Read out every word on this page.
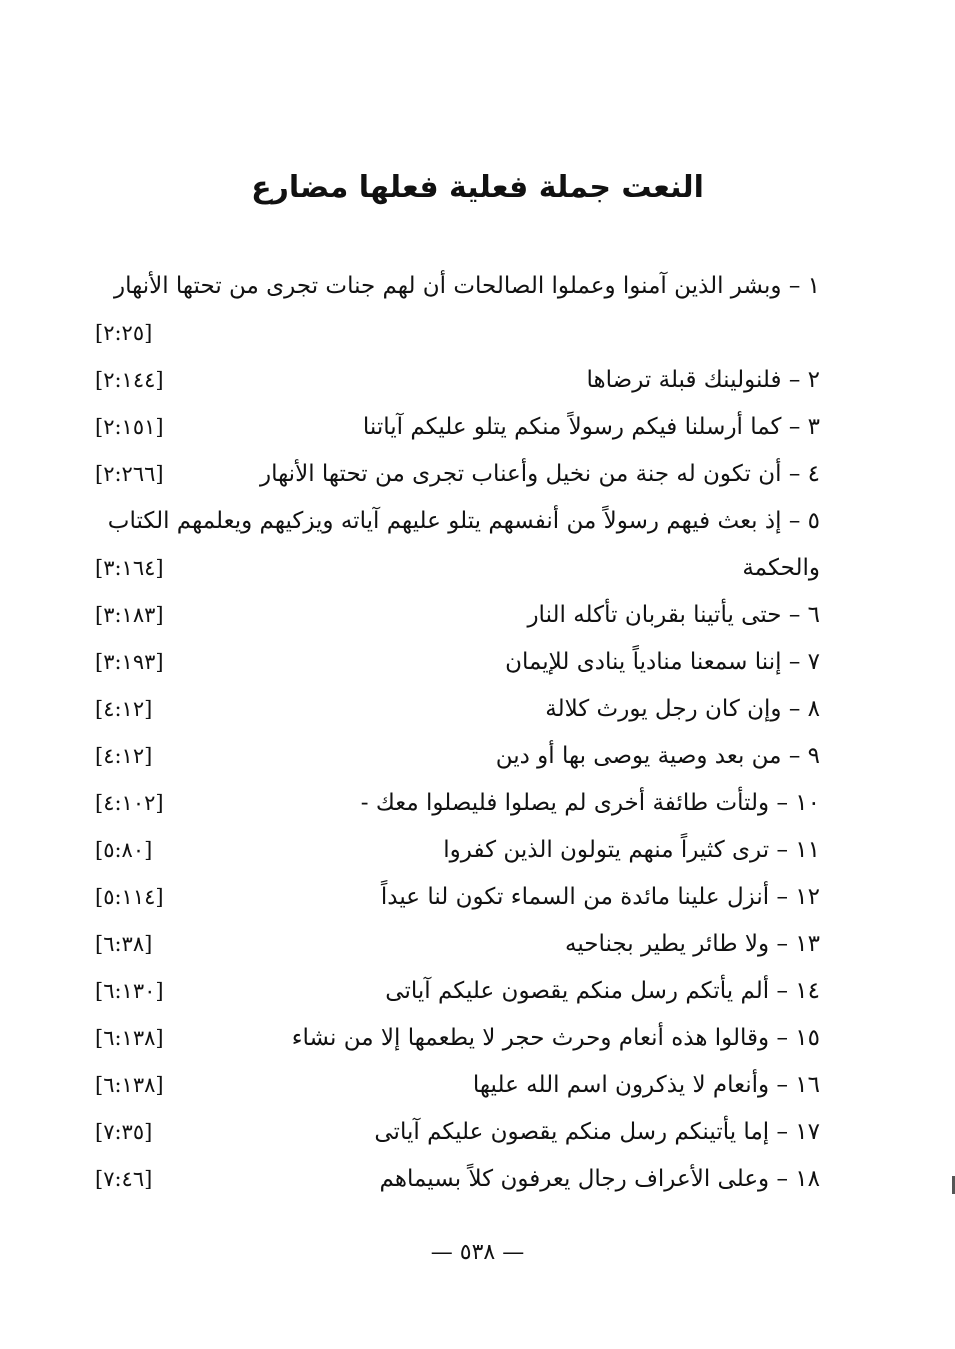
النعت جملة فعلية فعلها مضارع
١ – وبشر الذين آمنوا وعملوا الصالحات أن لهم جنات تجرى من تحتها الأنهار
[٢:٢٥]
٢ – فلنولينك قبلة ترضاها
[٢:١٤٤]
٣ – كما أرسلنا فيكم رسولاً منكم يتلو عليكم آياتنا
[٢:١٥١]
٤ – أن تكون له جنة من نخيل وأعناب تجرى من تحتها الأنهار
[٢:٢٦٦]
٥ – إذ بعث فيهم رسولاً من أنفسهم يتلو عليهم آياته ويزكيهم ويعلمهم الكتاب
والحكمة
[٣:١٦٤]
٦ – حتى يأتينا بقربان تأكله النار
[٣:١٨٣]
٧ – إننا سمعنا منادياً ينادى للإيمان
[٣:١٩٣]
٨ – وإن كان رجل يورث كلالة
[٤:١٢]
٩ – من بعد وصية يوصى بها أو دين
[٤:١٢]
١٠ – ولتأت طائفة أخرى لم يصلوا فليصلوا معك -
[٤:١٠٢]
١١ – ترى كثيراً منهم يتولون الذين كفروا
[٥:٨٠]
١٢ – أنزل علينا مائدة من السماء تكون لنا عيداً
[٥:١١٤]
١٣ – ولا طائر يطير بجناحيه
[٦:٣٨]
١٤ – ألم يأتكم رسل منكم يقصون عليكم آياتى
[٦:١٣٠]
١٥ – وقالوا هذه أنعام وحرث حجر لا يطعمها إلا من نشاء
[٦:١٣٨]
١٦ – وأنعام لا يذكرون اسم الله عليها
[٦:١٣٨]
١٧ – إما يأتينكم رسل منكم يقصون عليكم آياتى
[٧:٣٥]
١٨ – وعلى الأعراف رجال يعرفون كلاً بسيماهم
[٧:٤٦]
— ٥٣٨ —
